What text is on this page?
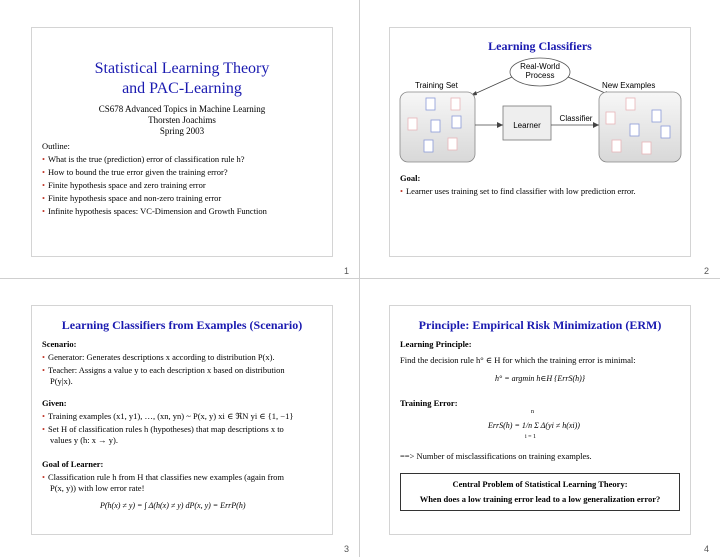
Statistical Learning Theory
and PAC-Learning
CS678 Advanced Topics in Machine Learning
Thorsten Joachims
Spring 2003
Outline:
• What is the true (prediction) error of classification rule h?
• How to bound the true error given the training error?
• Finite hypothesis space and zero training error
• Finite hypothesis space and non-zero training error
• Infinite hypothesis spaces: VC-Dimension and Growth Function
Learning Classifiers
Real-World
Process
Training Set	New Examples
Classifier
Learner
Goal:
• Learner uses training set to find classifier with low prediction error.
Learning Classifiers from Examples (Scenario)
Scenario:
• Generator: Generates descriptions x according to distribution P(x).
• Teacher: Assigns a value y to each description x based on distribution
P(y|x).
Given:
• Training examples (x1, y1), …, (xn, yn) ~ P(x, y) xi ∈ ℜN yi ∈ {1, −1}
• Set H of classification rules h (hypotheses) that map descriptions x to
values y (h: x → y).
Goal of Learner:
• Classification rule h from H that classifies new examples (again from
P(x, y)) with low error rate!
P(h(x) ≠ y) = ∫ Δ(h(x) ≠ y) dP(x, y) = ErrP(h)
Principle: Empirical Risk Minimization (ERM)
Learning Principle:
Find the decision rule h° ∈ H for which the training error is minimal:
h° = argmin h∈H {ErrS(h)}
Training Error:
n
ErrS(h) = 1/n Σ Δ(yi ≠ h(xi))
i = 1
==> Number of misclassifications on training examples.
Central Problem of Statistical Learning Theory:
When does a low training error lead to a low generalization error?
1	2
3	4
